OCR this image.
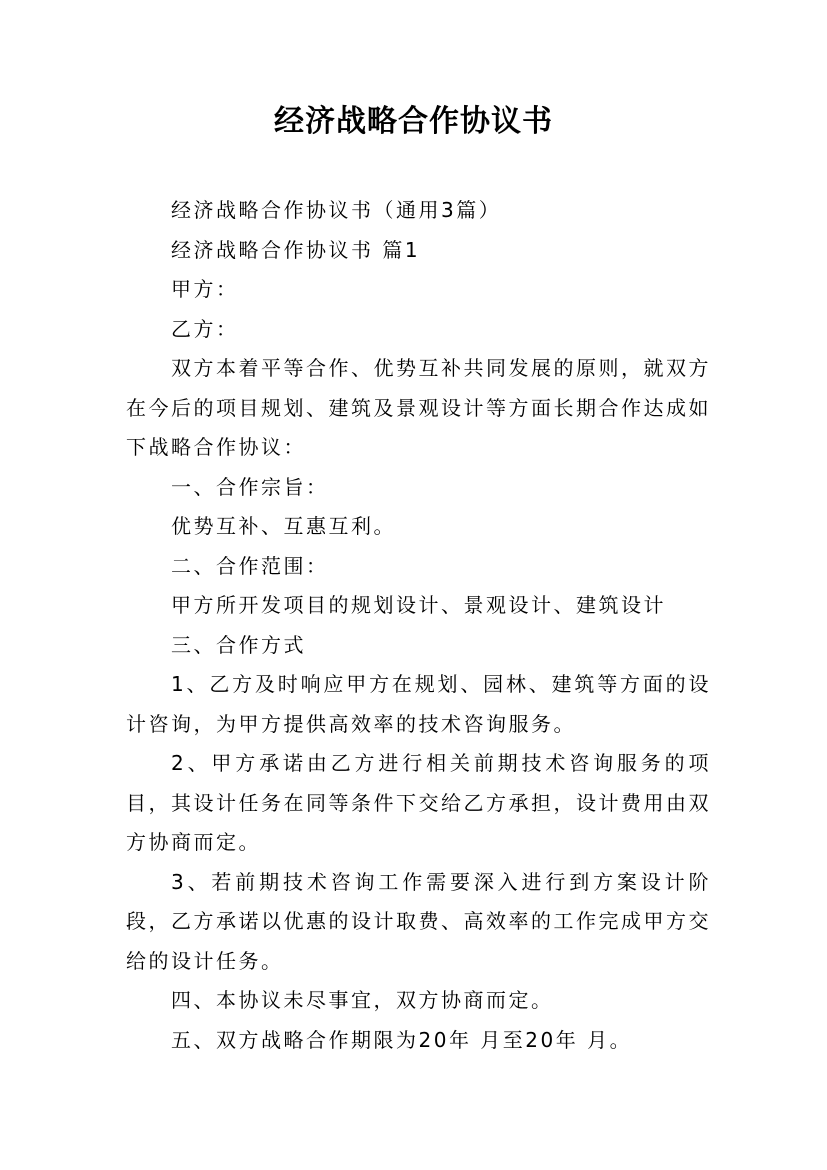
经济战略合作协议书

经济战略合作协议书（通用3篇）

经济战略合作协议书 篇1

甲方：

乙方：

双方本着平等合作、优势互补共同发展的原则，就双方在今后的项目规划、建筑及景观设计等方面长期合作达成如下战略合作协议：

一、合作宗旨：

优势互补、互惠互利。

二、合作范围：

甲方所开发项目的规划设计、景观设计、建筑设计

三、合作方式

1、乙方及时响应甲方在规划、园林、建筑等方面的设计咨询，为甲方提供高效率的技术咨询服务。

2、甲方承诺由乙方进行相关前期技术咨询服务的项目，其设计任务在同等条件下交给乙方承担，设计费用由双方协商而定。

3、若前期技术咨询工作需要深入进行到方案设计阶段，乙方承诺以优惠的设计取费、高效率的工作完成甲方交给的设计任务。

四、本协议未尽事宜，双方协商而定。

五、双方战略合作期限为20年 月至20年 月。
